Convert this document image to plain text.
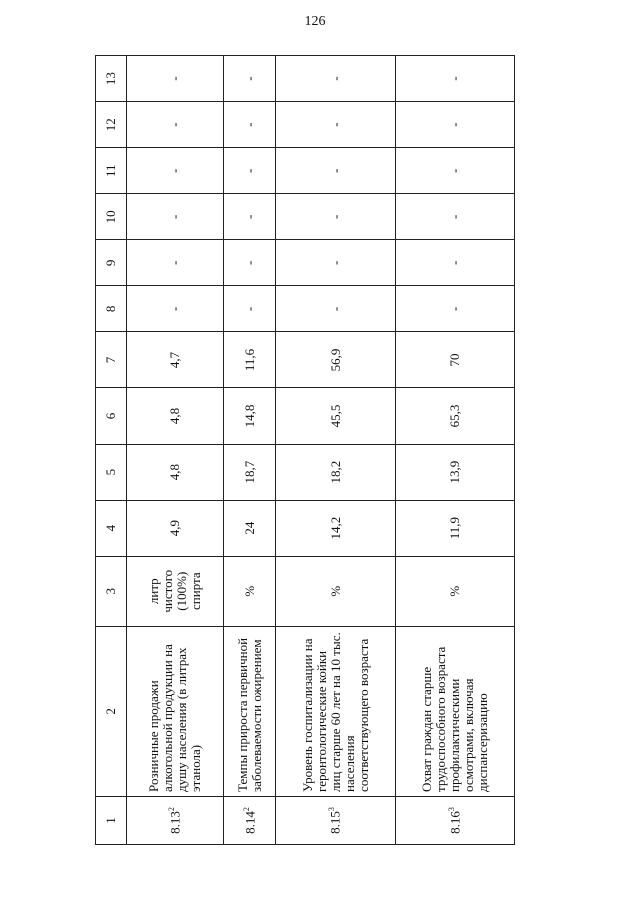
126
1	2	3	4	5	6	7	8	9	10	11	12	13
8.13$^2$	Розничные продажи алкогольной продукции на душу населения (в литрах этанола)	литр чистого (100%) спирта	4,9	4,8	4,8	4,7	-	-	-	-	-	-
8.14$^2$	Темпы прироста первичной заболеваемости ожирением	%	24	18,7	14,8	11,6	-	-	-	-	-	-
8.15$^3$	Уровень госпитализации на геронтологические койки лиц старше 60 лет на 10 тыс. населения соответствующего возраста	%	14,2	18,2	45,5	56,9	-	-	-	-	-	-
8.16$^3$	Охват граждан старше трудоспособного возраста профилактическими осмотрами, включая диспансеризацию	%	11,9	13,9	65,3	70	-	-	-	-	-	-
